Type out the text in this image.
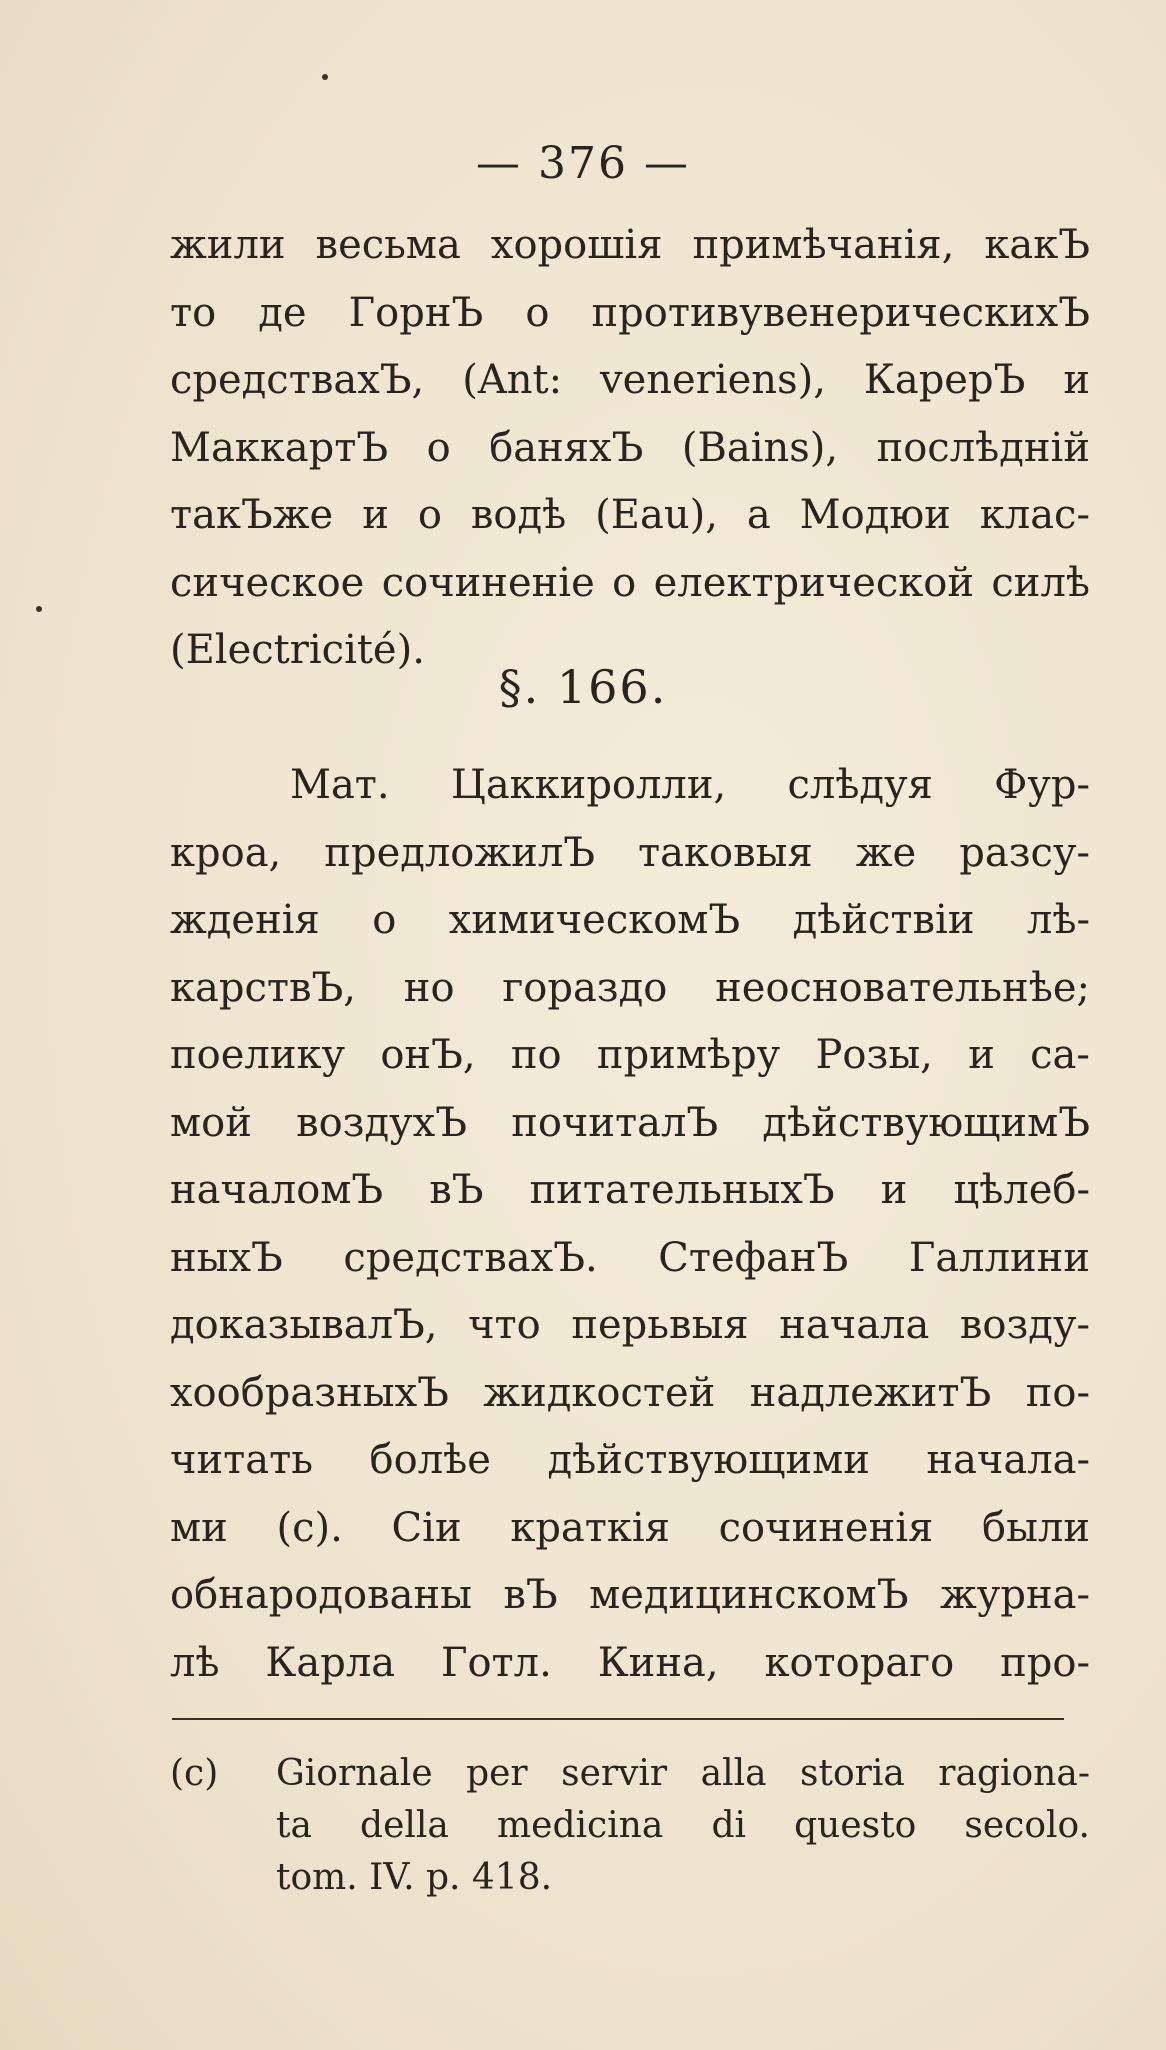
— 376 —
жили весьма хорошія примѣчанія, какЪ
то де ГорнЪ о противувенерическихЪ
средствахЪ, (Ant: veneriens), КарерЪ и
МаккартЪ о баняхЪ (Bains), послѣдній
такЪже и о водѣ (Eau), а Модюи клас-
сическое сочиненіе о електрической силѣ
(Electricité).
§. 166.
Мат. Цаккиролли, слѣдуя Фур-
кроа, предложилЪ таковыя же разсу-
жденія о химическомЪ дѣйствіи лѣ-
карствЪ, но гораздо неосновательнѣе;
поелику онЪ, по примѣру Розы, и са-
мой воздухЪ почиталЪ дѣйствующимЪ
началомЪ вЪ питательныхЪ и цѣлеб-
ныхЪ средствахЪ. СтефанЪ Галлини
доказывалЪ, что перьвыя начала возду-
хообразныхЪ жидкостей надлежитЪ по-
читать болѣе дѣйствующими начала-
ми (c). Сіи краткія сочиненія были
обнародованы вЪ медицинскомЪ журна-
лѣ Карла Готл. Кина, котораго про-
(c)	Giornale per servir alla storia ragiona-
ta della medicina di questo secolo.
tom. IV. p. 418.
